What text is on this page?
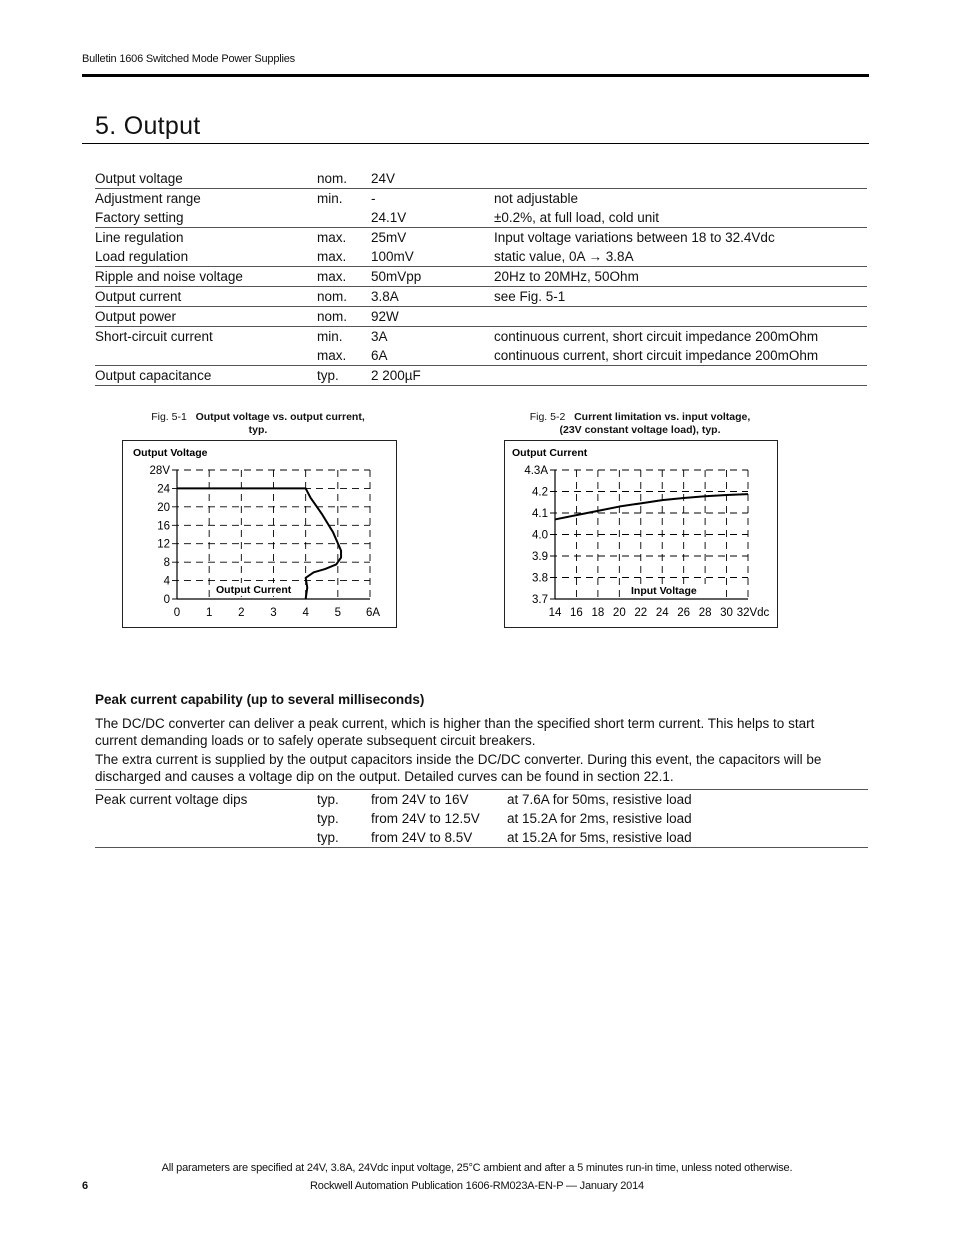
Bulletin 1606 Switched Mode Power Supplies
5. Output
Output voltage	nom.	24V	
Adjustment range	min.	-	not adjustable
Factory setting		24.1V	±0.2%, at full load, cold unit
Line regulation	max.	25mV	Input voltage variations between 18 to 32.4Vdc
Load regulation	max.	100mV	static value, 0A → 3.8A
Ripple and noise voltage	max.	50mVpp	20Hz to 20MHz, 50Ohm
Output current	nom.	3.8A	see Fig. 5-1
Output power	nom.	92W	
Short-circuit current	min.	3A	continuous current, short circuit impedance 200mOhm
	max.	6A	continuous current, short circuit impedance 200mOhm
Output capacitance	typ.	2 200µF	
Fig. 5-1 Output voltage vs. output current,
typ.
0 1 2 3 4 5 6A
0
4
8
12
16
20
24
28V
Output Voltage
Output Current
Fig. 5-2 Current limitation vs. input voltage,
(23V constant voltage load), typ.
14 16 18 20 22 24 26 28 30 32Vdc
3.7
3.8
3.9
4.0
4.1
4.2
4.3A
Output Current
Input Voltage
Peak current capability (up to several milliseconds)
The DC/DC converter can deliver a peak current, which is higher than the specified short term current. This helps to start current demanding loads or to safely operate subsequent circuit breakers.
The extra current is supplied by the output capacitors inside the DC/DC converter. During this event, the capacitors will be discharged and causes a voltage dip on the output. Detailed curves can be found in section 22.1.
Peak current voltage dips	typ.	from 24V to 16V	at 7.6A for 50ms, resistive load
	typ.	from 24V to 12.5V	at 15.2A for 2ms, resistive load
	typ.	from 24V to 8.5V	at 15.2A for 5ms, resistive load
All parameters are specified at 24V, 3.8A, 24Vdc input voltage, 25°C ambient and after a 5 minutes run-in time, unless noted otherwise.
6	Rockwell Automation Publication 1606-RM023A-EN-P — January 2014
